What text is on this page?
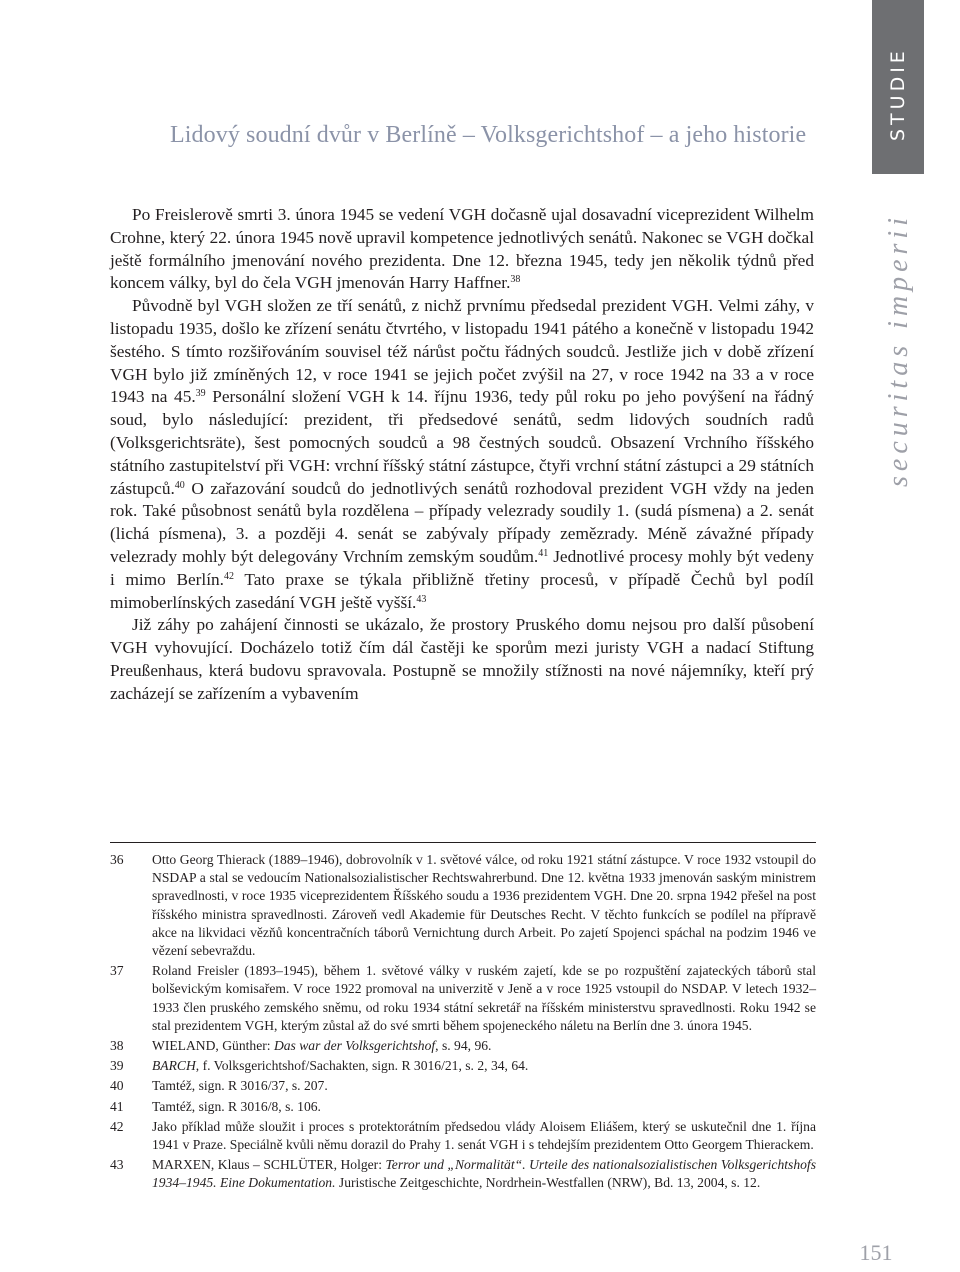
Lidový soudní dvůr v Berlíně – Volksgerichtshof – a jeho historie	STUDIE
securitas imperii

Po Freislerově smrti 3. února 1945 se vedení VGH dočasně ujal dosavadní viceprezident Wilhelm Crohne, který 22. února 1945 nově upravil kompetence jednotlivých senátů. Nakonec se VGH dočkal ještě formálního jmenování nového prezidenta. Dne 12. března 1945, tedy jen několik týdnů před koncem války, byl do čela VGH jmenován Harry Haffner.$^{38}$

Původně byl VGH složen ze tří senátů, z nichž prvnímu předsedal prezident VGH. Velmi záhy, v listopadu 1935, došlo ke zřízení senátu čtvrtého, v listopadu 1941 pátého a konečně v listopadu 1942 šestého. S tímto rozšiřováním souvisel též nárůst počtu řádných soudců. Jestliže jich v době zřízení VGH bylo již zmíněných 12, v roce 1941 se jejich počet zvýšil na 27, v roce 1942 na 33 a v roce 1943 na 45.39 Personální složení VGH k 14. říjnu 1936, tedy půl roku po jeho povýšení na řádný soud, bylo následující: prezident, tři předsedové senátů, sedm lidových soudních radů (Volksgerichtsräte), šest pomocných soudců a 98 čestných soudců. Obsazení Vrchního říšského státního zastupitelství při VGH: vrchní říšský státní zástupce, čtyři vrchní státní zástupci a 29 státních zástupců.$^{40}$ O zařazování soudců do jednotlivých senátů rozhodoval prezident VGH vždy na jeden rok. Také působnost senátů byla rozdělena – případy velezrady soudily 1. (sudá písmena) a 2. senát (lichá písmena), 3. a později 4. senát se zabývaly případy zemězrady. Méně závažné případy velezrady mohly být delegovány Vrchním zemským soudům.$^{41}$ Jednotlivé procesy mohly být vedeny i mimo Berlín.$^{42}$ Tato praxe se týkala přibližně třetiny procesů, v případě Čechů byl podíl mimoberlínských zasedání VGH ještě vyšší.$^{43}$

Již záhy po zahájení činnosti se ukázalo, že prostory Pruského domu nejsou pro další působení VGH vyhovující. Docházelo totiž čím dál častěji ke sporům mezi juristy VGH a nadací Stiftung Preußenhaus, která budovu spravovala. Postupně se množily stížnosti na nové nájemníky, kteří prý zacházejí se zařízením a vybavením

36	Otto Georg Thierack (1889–1946), dobrovolník v 1. světové válce, od roku 1921 státní zástupce. V roce 1932 vstoupil do NSDAP a stal se vedoucím Nationalsozialistischer Rechtswahrerbund. Dne 12. května 1933 jmenován saským ministrem spravedlnosti, v roce 1935 viceprezidentem Říšského soudu a 1936 prezidentem VGH. Dne 20. srpna 1942 přešel na post říšského ministra spravedlnosti. Zároveň vedl Akademie für Deutsches Recht. V těchto funkcích se podílel na přípravě akce na likvidaci vězňů koncentračních táborů Vernichtung durch Arbeit. Po zajetí Spojenci spáchal na podzim 1946 ve vězení sebevraždu.
37	Roland Freisler (1893–1945), během 1. světové války v ruském zajetí, kde se po rozpuštění zajateckých táborů stal bolševickým komisařem. V roce 1922 promoval na univerzitě v Jeně a v roce 1925 vstoupil do NSDAP. V letech 1932–1933 člen pruského zemského sněmu, od roku 1934 státní sekretář na říšském ministerstvu spravedlnosti. Roku 1942 se stal prezidentem VGH, kterým zůstal až do své smrti během spojeneckého náletu na Berlín dne 3. února 1945.
38	WIELAND, Günther: Das war der Volksgerichtshof, s. 94, 96.
39	BARCH, f. Volksgerichtshof/Sachakten, sign. R 3016/21, s. 2, 34, 64.
40	Tamtéž, sign. R 3016/37, s. 207.
41	Tamtéž, sign. R 3016/8, s. 106.
42	Jako příklad může sloužit i proces s protektorátním předsedou vlády Aloisem Eliášem, který se uskutečnil dne 1. října 1941 v Praze. Speciálně kvůli němu dorazil do Prahy 1. senát VGH i s tehdejším prezidentem Otto Georgem Thierackem.
43	MARXEN, Klaus – SCHLÜTER, Holger: Terror und „Normalität“. Urteile des nationalsozialistischen Volksgerichtshofs 1934–1945. Eine Dokumentation. Juristische Zeitgeschichte, Nordrhein-Westfallen (NRW), Bd. 13, 2004, s. 12.
151
